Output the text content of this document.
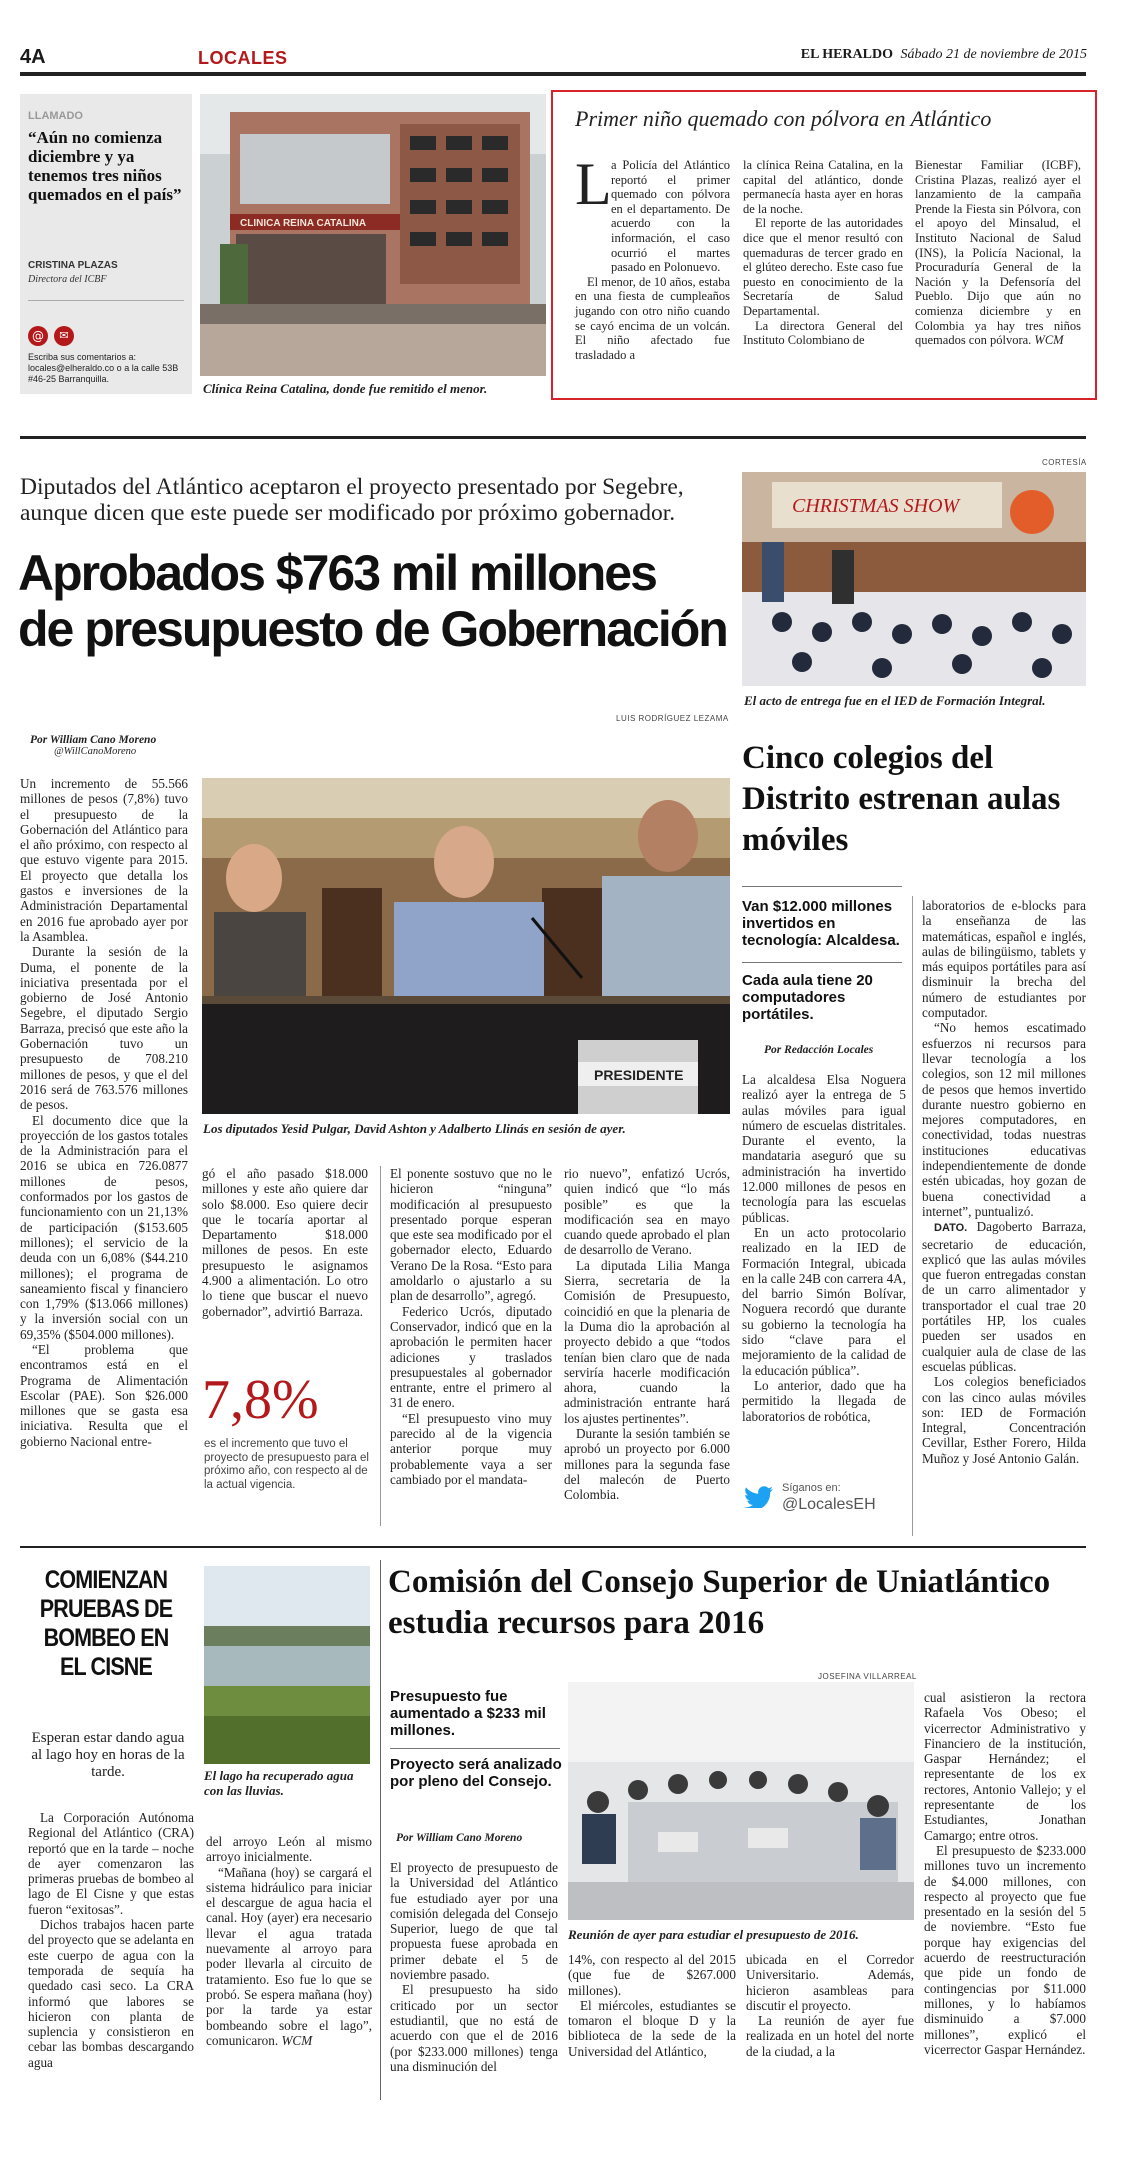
4A	LOCALES	EL HERALDO Sábado 21 de noviembre de 2015
LLAMADO
“Aún no comienza diciembre y ya tenemos tres niños quemados en el país”
CRISTINA PLAZAS
Directora del ICBF
@	✉
Escriba sus comentarios a: locales@elheraldo.co o a la calle 53B #46-25 Barranquilla.
CLINICA REINA CATALINA
Clínica Reina Catalina, donde fue remitido el menor.
Primer niño quemado con pólvora en Atlántico
L a Policía del Atlántico reportó el primer quemado con pólvora en el departamento. De acuerdo con la información, el caso ocurrió el martes pasado en Polonuevo.

El menor, de 10 años, estaba en una fiesta de cumpleaños jugando con otro niño cuando se cayó encima de un volcán. El niño afectado fue trasladado a

la clínica Reina Catalina, en la capital del atlántico, donde permanecía hasta ayer en horas de la noche.

El reporte de las autoridades dice que el menor resultó con quemaduras de tercer grado en el glúteo derecho. Este caso fue puesto en conocimiento de la Secretaría de Salud Departamental.

La directora General del Instituto Colombiano de

Bienestar Familiar (ICBF), Cristina Plazas, realizó ayer el lanzamiento de la campaña Prende la Fiesta sin Pólvora, con el apoyo del Minsalud, el Instituto Nacional de Salud (INS), la Policía Nacional, la Procuraduría General de la Nación y la Defensoría del Pueblo. Dijo que aún no comienza diciembre y en Colombia ya hay tres niños quemados con pólvora. WCM

Diputados del Atlántico aceptaron el proyecto presentado por Segebre, aunque dicen que este puede ser modificado por próximo gobernador.
Aprobados $763 mil millones
de presupuesto de Gobernación
LUIS RODRÍGUEZ LEZAMA
Por William Cano Moreno
@WillCanoMoreno
PRESIDENTE
Los diputados Yesid Pulgar, David Ashton y Adalberto Llinás en sesión de ayer.

Un incremento de 55.566 millones de pesos (7,8%) tuvo el presupuesto de la Gobernación del Atlántico para el año próximo, con respecto al que estuvo vigente para 2015. El proyecto que detalla los gastos e inversiones de la Administración Departamental en 2016 fue aprobado ayer por la Asamblea.

Durante la sesión de la Duma, el ponente de la iniciativa presentada por el gobierno de José Antonio Segebre, el diputado Sergio Barraza, precisó que este año la Gobernación tuvo un presupuesto de 708.210 millones de pesos, y que el del 2016 será de 763.576 millones de pesos.

El documento dice que la proyección de los gastos totales de la Administración para el 2016 se ubica en 726.0877 millones de pesos, conformados por los gastos de funcionamiento con un 21,13% de participación ($153.605 millones); el servicio de la deuda con un 6,08% ($44.210 millones); el programa de saneamiento fiscal y financiero con 1,79% ($13.066 millones) y la inversión social con un 69,35% ($504.000 millones).

“El problema que encontramos está en el Programa de Alimentación Escolar (PAE). Son $26.000 millones que se gasta esa iniciativa. Resulta que el gobierno Nacional entre-

gó el año pasado $18.000 millones y este año quiere dar solo $8.000. Eso quiere decir que le tocaría aportar al Departamento $18.000 millones de pesos. En este presupuesto le asignamos 4.900 a alimentación. Lo otro lo tiene que buscar el nuevo gobernador”, advirtió Barraza.

7,8%
es el incremento que tuvo el proyecto de presupuesto para el próximo año, con respecto al de la actual vigencia.

El ponente sostuvo que no le hicieron “ninguna” modificación al presupuesto presentado porque esperan que este sea modificado por el gobernador electo, Eduardo Verano De la Rosa. “Esto para amoldarlo o ajustarlo a su plan de desarrollo”, agregó.

Federico Ucrós, diputado Conservador, indicó que en la aprobación le permiten hacer adiciones y traslados presupuestales al gobernador entrante, entre el primero al 31 de enero.

“El presupuesto vino muy parecido al de la vigencia anterior porque muy probablemente vaya a ser cambiado por el mandata-

rio nuevo”, enfatizó Ucrós, quien indicó que “lo más posible” es que la modificación sea en mayo cuando quede aprobado el plan de desarrollo de Verano.

La diputada Lilia Manga Sierra, secretaria de la Comisión de Presupuesto, coincidió en que la plenaria de la Duma dio la aprobación al proyecto debido a que “todos tenían bien claro que de nada serviría hacerle modificación ahora, cuando la administración entrante hará los ajustes pertinentes”.

Durante la sesión también se aprobó un proyecto por 6.000 millones para la segunda fase del malecón de Puerto Colombia.

CORTESÍA
CHRISTMAS SHOW
El acto de entrega fue en el IED de Formación Integral.
Cinco colegios del Distrito estrenan aulas móviles
Van $12.000 millones invertidos en tecnología: Alcaldesa.
Cada aula tiene 20 computadores portátiles.
Por Redacción Locales

La alcaldesa Elsa Noguera realizó ayer la entrega de 5 aulas móviles para igual número de escuelas distritales. Durante el evento, la mandataria aseguró que su administración ha invertido 12.000 millones de pesos en tecnología para las escuelas públicas.

En un acto protocolario realizado en la IED de Formación Integral, ubicada en la calle 24B con carrera 4A, del barrio Simón Bolívar, Noguera recordó que durante su gobierno la tecnología ha sido “clave para el mejoramiento de la calidad de la educación pública”.

Lo anterior, dado que ha permitido la llegada de laboratorios de robótica,

Síganos en:
@LocalesEH

laboratorios de e-blocks para la enseñanza de las matemáticas, español e inglés, aulas de bilingüismo, tablets y más equipos portátiles para así disminuir la brecha del número de estudiantes por computador.

“No hemos escatimado esfuerzos ni recursos para llevar tecnología a los colegios, son 12 mil millones de pesos que hemos invertido durante nuestro gobierno en mejores computadores, en conectividad, todas nuestras instituciones educativas independientemente de donde estén ubicadas, hoy gozan de buena conectividad a internet”, puntualizó.

DATO. Dagoberto Barraza, secretario de educación, explicó que las aulas móviles que fueron entregadas constan de un carro alimentador y transportador el cual trae 20 portátiles HP, los cuales pueden ser usados en cualquier aula de clase de las escuelas públicas.

Los colegios beneficiados con las cinco aulas móviles son: IED de Formación Integral, Concentración Cevillar, Esther Forero, Hilda Muñoz y José Antonio Galán.

COMIENZAN PRUEBAS DE BOMBEO EN EL CISNE
Esperan estar dando agua al lago hoy en horas de la tarde.	El lago ha recuperado agua con las lluvias.

La Corporación Autónoma Regional del Atlántico (CRA) reportó que en la tarde – noche de ayer comenzaron las primeras pruebas de bombeo al lago de El Cisne y que estas fueron “exitosas”.

Dichos trabajos hacen parte del proyecto que se adelanta en este cuerpo de agua con la temporada de sequía ha quedado casi seco. La CRA informó que labores se hicieron con planta de suplencia y consistieron en cebar las bombas descargando agua

del arroyo León al mismo arroyo inicialmente.

“Mañana (hoy) se cargará el sistema hidráulico para iniciar el descargue de agua hacia el canal. Hoy (ayer) era necesario llevar el agua tratada nuevamente al arroyo para poder llevarla al circuito de tratamiento. Eso fue lo que se probó. Se espera mañana (hoy) por la tarde ya estar bombeando sobre el lago”, comunicaron. WCM

Comisión del Consejo Superior de Uniatlántico estudia recursos para 2016
Presupuesto fue aumentado a $233 mil millones.
Proyecto será analizado por pleno del Consejo.
Por William Cano Moreno
JOSEFINA VILLARREAL
Reunión de ayer para estudiar el presupuesto de 2016.

El proyecto de presupuesto de la Universidad del Atlántico fue estudiado ayer por una comisión delegada del Consejo Superior, luego de que tal propuesta fuese aprobada en primer debate el 5 de noviembre pasado.

El presupuesto ha sido criticado por un sector estudiantil, que no está de acuerdo con que el de 2016 (por $233.000 millones) tenga una disminución del

14%, con respecto al del 2015 (que fue de $267.000 millones).

El miércoles, estudiantes se tomaron el bloque D y la biblioteca de la sede de la Universidad del Atlántico,

ubicada en el Corredor Universitario. Además, hicieron asambleas para discutir el proyecto.

La reunión de ayer fue realizada en un hotel del norte de la ciudad, a la

cual asistieron la rectora Rafaela Vos Obeso; el vicerrector Administrativo y Financiero de la institución, Gaspar Hernández; el representante de los ex rectores, Antonio Vallejo; y el representante de los Estudiantes, Jonathan Camargo; entre otros.

El presupuesto de $233.000 millones tuvo un incremento de $4.000 millones, con respecto al proyecto que fue presentado en la sesión del 5 de noviembre. “Esto fue porque hay exigencias del acuerdo de reestructuración que pide un fondo de contingencias por $11.000 millones, y lo habíamos disminuido a $7.000 millones”, explicó el vicerrector Gaspar Hernández.
